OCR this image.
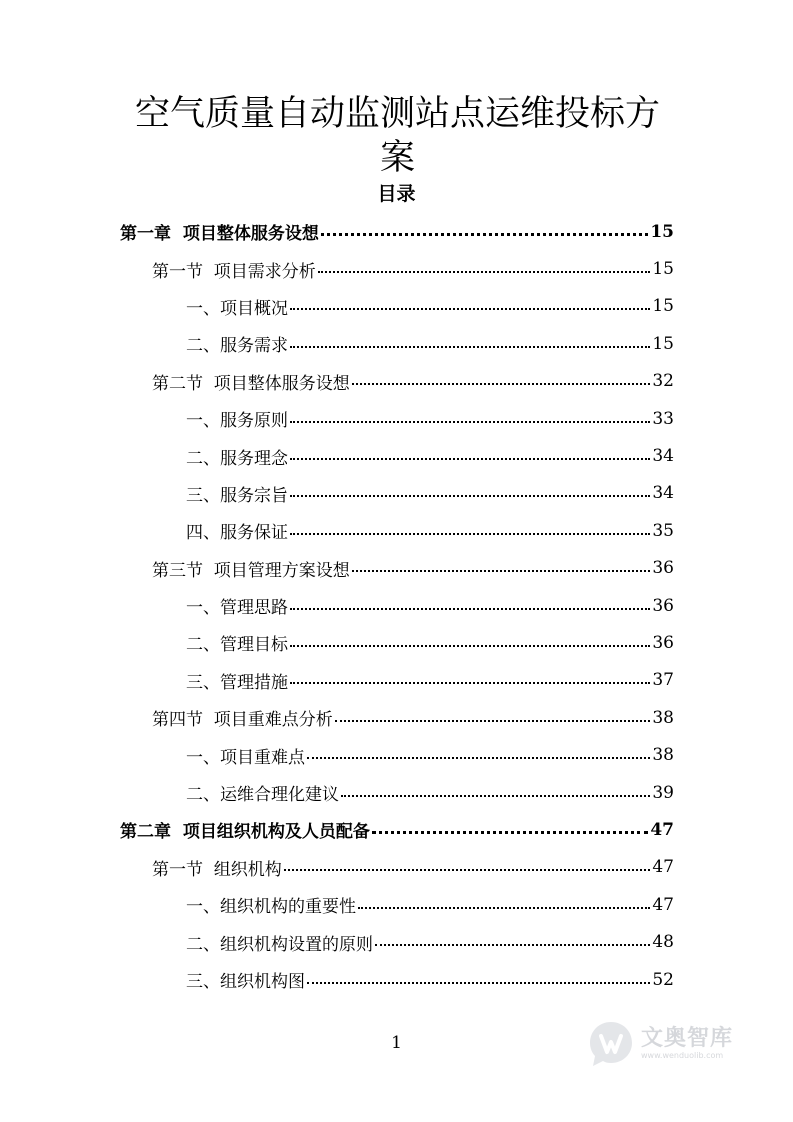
空气质量自动监测站点运维投标方案
目录
第一章  项目整体服务设想	15
第一节  项目需求分析	15
一、项目概况	15
二、服务需求	15
第二节  项目整体服务设想	32
一、服务原则	33
二、服务理念	34
三、服务宗旨	34
四、服务保证	35
第三节  项目管理方案设想	36
一、管理思路	36
二、管理目标	36
三、管理措施	37
第四节  项目重难点分析	38
一、项目重难点	38
二、运维合理化建议	39
第二章  项目组织机构及人员配备	47
第一节  组织机构	47
一、组织机构的重要性	47
二、组织机构设置的原则	48
三、组织机构图	52
1	文奥智库
www.wenduolib.com
